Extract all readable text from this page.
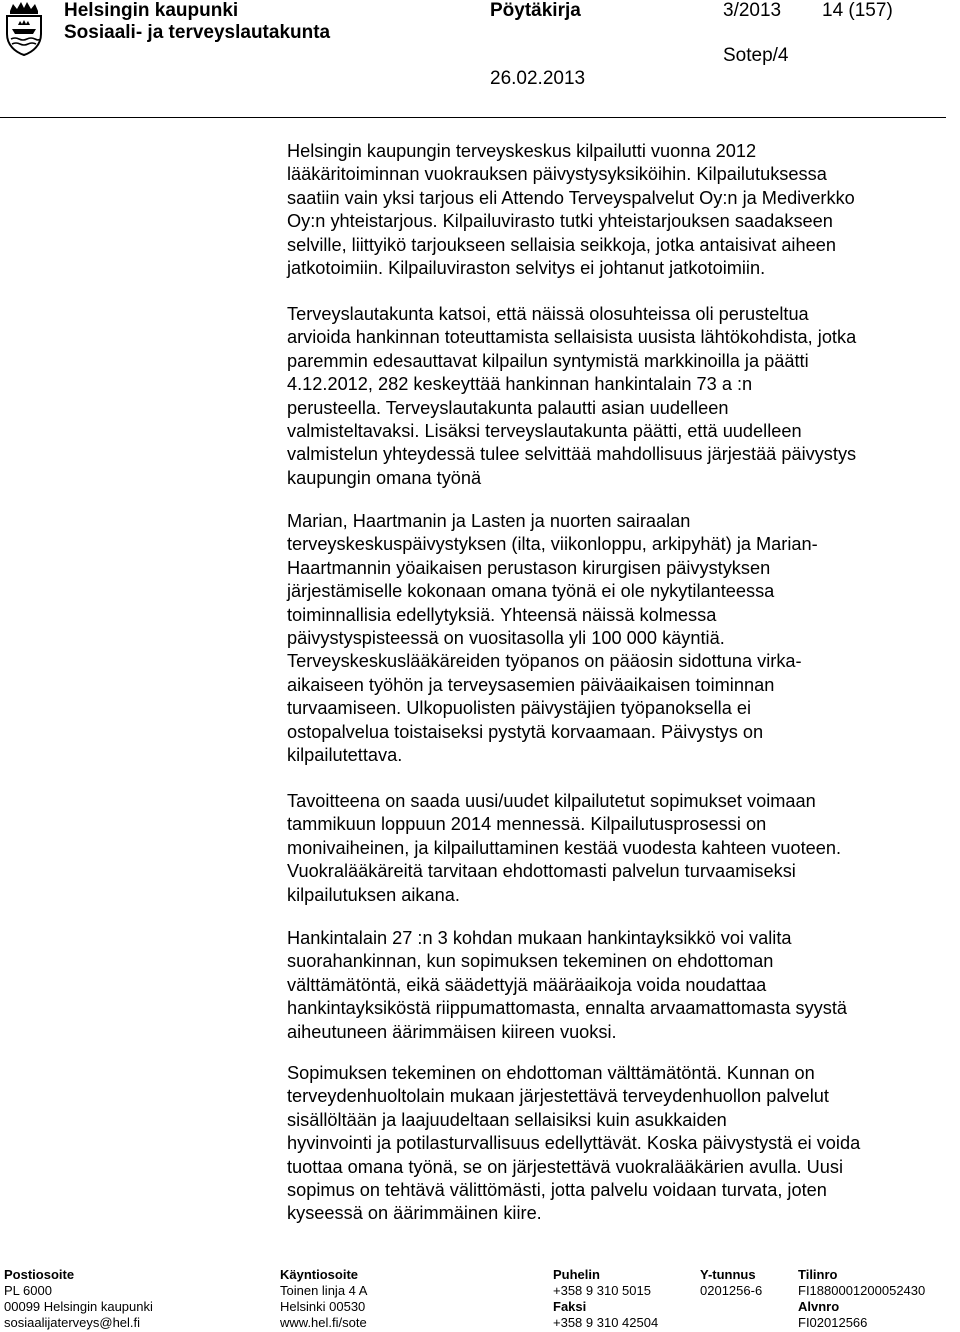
Helsingin kaupunki
Sosiaali- ja terveyslautakunta
Pöytäkirja	3/2013 14 (157)
Sotep/4
26.02.2013

Helsingin kaupungin terveyskeskus kilpailutti vuonna 2012

lääkäritoiminnan vuokrauksen päivystysyksiköihin. Kilpailutuksessa

saatiin vain yksi tarjous eli Attendo Terveyspalvelut Oy:n ja Mediverkko

Oy:n yhteistarjous. Kilpailuvirasto tutki yhteistarjouksen saadakseen

selville, liittyikö tarjoukseen sellaisia seikkoja, jotka antaisivat aiheen

jatkotoimiin. Kilpailuviraston selvitys ei johtanut jatkotoimiin.

Terveyslautakunta katsoi, että näissä olosuhteissa oli perusteltua

arvioida hankinnan toteuttamista sellaisista uusista lähtökohdista, jotka

paremmin edesauttavat kilpailun syntymistä markkinoilla ja päätti

4.12.2012, 282 keskeyttää hankinnan hankintalain 73 a :n

perusteella. Terveyslautakunta palautti asian uudelleen

valmisteltavaksi. Lisäksi terveyslautakunta päätti, että uudelleen

valmistelun yhteydessä tulee selvittää mahdollisuus järjestää päivystys

kaupungin omana työnä

Marian, Haartmanin ja Lasten ja nuorten sairaalan

terveyskeskuspäivystyksen (ilta, viikonloppu, arkipyhät) ja Marian-

Haartmannin yöaikaisen perustason kirurgisen päivystyksen

järjestämiselle kokonaan omana työnä ei ole nykytilanteessa

toiminnallisia edellytyksiä. Yhteensä näissä kolmessa

päivystyspisteessä on vuositasolla yli 100 000 käyntiä.

Terveyskeskuslääkäreiden työpanos on pääosin sidottuna virka-

aikaiseen työhön ja terveysasemien päiväaikaisen toiminnan

turvaamiseen. Ulkopuolisten päivystäjien työpanoksella ei

ostopalvelua toistaiseksi pystytä korvaamaan. Päivystys on

kilpailutettava.

Tavoitteena on saada uusi/uudet kilpailutetut sopimukset voimaan

tammikuun loppuun 2014 mennessä. Kilpailutusprosessi on

monivaiheinen, ja kilpailuttaminen kestää vuodesta kahteen vuoteen.

Vuokralääkäreitä tarvitaan ehdottomasti palvelun turvaamiseksi

kilpailutuksen aikana.

Hankintalain 27 :n 3 kohdan mukaan hankintayksikkö voi valita

suorahankinnan, kun sopimuksen tekeminen on ehdottoman

välttämätöntä, eikä säädettyjä määräaikoja voida noudattaa

hankintayksiköstä riippumattomasta, ennalta arvaamattomasta syystä

aiheutuneen äärimmäisen kiireen vuoksi.

Sopimuksen tekeminen on ehdottoman välttämätöntä. Kunnan on

terveydenhuoltolain mukaan järjestettävä terveydenhuollon palvelut

sisällöltään ja laajuudeltaan sellaisiksi kuin asukkaiden

hyvinvointi ja potilasturvallisuus edellyttävät. Koska päivystystä ei voida

tuottaa omana työnä, se on järjestettävä vuokralääkärien avulla. Uusi

sopimus on tehtävä välittömästi, jotta palvelu voidaan turvata, joten

kyseessä on äärimmäinen kiire.

Postiosoite
PL 6000
00099 Helsingin kaupunki
sosiaalijaterveys@hel.fi
Käyntiosoite
Toinen linja 4 A
Helsinki 00530
www.hel.fi/sote
Puhelin
+358 9 310 5015
Faksi
+358 9 310 42504
Y-tunnus
0201256-6
Tilinro
FI1880001200052430
Alvnro
FI02012566
